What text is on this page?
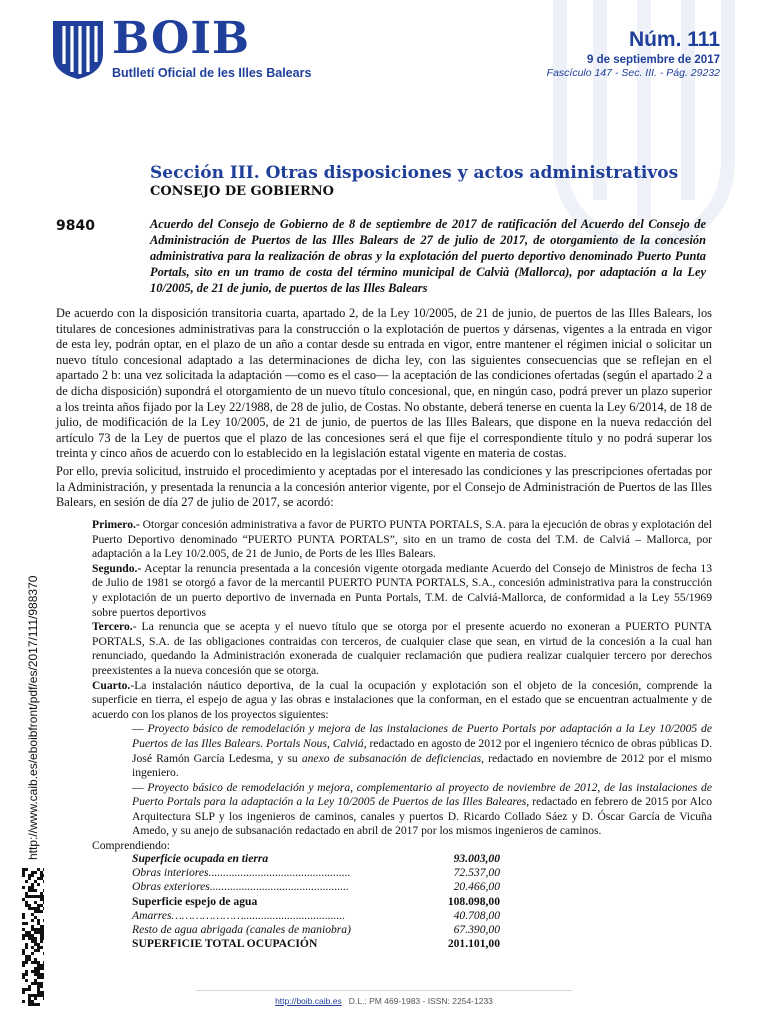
BOIB
Butlletí Oficial de les Illes Balears
Núm. 111
9 de septiembre de 2017
Fascículo 147 - Sec. III. - Pág. 29232
Sección III. Otras disposiciones y actos administrativos
CONSEJO DE GOBIERNO
9840	Acuerdo del Consejo de Gobierno de 8 de septiembre de 2017 de ratificación del Acuerdo del Consejo de Administración de Puertos de las Illes Balears de 27 de julio de 2017, de otorgamiento de la concesión administrativa para la realización de obras y la explotación del puerto deportivo denominado Puerto Punta Portals, sito en un tramo de costa del término municipal de Calvià (Mallorca), por adaptación a la Ley 10/2005, de 21 de junio, de puertos de las Illes Balears

De acuerdo con la disposición transitoria cuarta, apartado 2, de la Ley 10/2005, de 21 de junio, de puertos de las Illes Balears, los titulares de concesiones administrativas para la construcción o la explotación de puertos y dársenas, vigentes a la entrada en vigor de esta ley, podrán optar, en el plazo de un año a contar desde su entrada en vigor, entre mantener el régimen inicial o solicitar un nuevo título concesional adaptado a las determinaciones de dicha ley, con las siguientes consecuencias que se reflejan en el apartado 2 b: una vez solicitada la adaptación —como es el caso— la aceptación de las condiciones ofertadas (según el apartado 2 a de dicha disposición) supondrá el otorgamiento de un nuevo título concesional, que, en ningún caso, podrá prever un plazo superior a los treinta años fijado por la Ley 22/1988, de 28 de julio, de Costas. No obstante, deberá tenerse en cuenta la Ley 6/2014, de 18 de julio, de modificación de la Ley 10/2005, de 21 de junio, de puertos de las Illes Balears, que dispone en la nueva redacción del artículo 73 de la Ley de puertos que el plazo de las concesiones será el que fije el correspondiente título y no podrá superar los treinta y cinco años de acuerdo con lo establecido en la legislación estatal vigente en materia de costas.

Por ello, previa solicitud, instruido el procedimiento y aceptadas por el interesado las condiciones y las prescripciones ofertadas por la Administración, y presentada la renuncia a la concesión anterior vigente, por el Consejo de Administración de Puertos de las Illes Balears, en sesión de día 27 de julio de 2017, se acordó:

Primero.- Otorgar concesión administrativa a favor de PURTO PUNTA PORTALS, S.A. para la ejecución de obras y explotación del Puerto Deportivo denominado “PUERTO PUNTA PORTALS”, sito en un tramo de costa del T.M. de Calviá – Mallorca, por adaptación a la Ley 10/2.005, de 21 de Junio, de Ports de les Illes Balears.

Segundo.- Aceptar la renuncia presentada a la concesión vigente otorgada mediante Acuerdo del Consejo de Ministros de fecha 13 de Julio de 1981 se otorgó a favor de la mercantil PUERTO PUNTA PORTALS, S.A., concesión administrativa para la construcción y explotación de un puerto deportivo de invernada en Punta Portals, T.M. de Calviá-Mallorca, de conformidad a la Ley 55/1969 sobre puertos deportivos

Tercero.- La renuncia que se acepta y el nuevo título que se otorga por el presente acuerdo no exoneran a PUERTO PUNTA PORTALS, S.A. de las obligaciones contraidas con terceros, de cualquier clase que sean, en virtud de la concesión a la cual han renunciado, quedando la Administración exonerada de cualquier reclamación que pudiera realizar cualquier tercero por derechos preexistentes a la nueva concesión que se otorga.

Cuarto.-La instalación náutico deportiva, de la cual la ocupación y explotación son el objeto de la concesión, comprende la superficie en tierra, el espejo de agua y las obras e instalaciones que la conforman, en el estado que se encuentran actualmente y de acuerdo con los planos de los proyectos siguientes:

— Proyecto básico de remodelación y mejora de las instalaciones de Puerto Portals por adaptación a la Ley 10/2005 de Puertos de las Illes Balears. Portals Nous, Calviá, redactado en agosto de 2012 por el ingeniero técnico de obras públicas D. José Ramón García Ledesma, y su anexo de subsanación de deficiencias, redactado en noviembre de 2012 por el mismo ingeniero.

— Proyecto básico de remodelación y mejora, complementario al proyecto de noviembre de 2012, de las instalaciones de Puerto Portals para la adaptación a la Ley 10/2005 de Puertos de las Illes Baleares, redactado en febrero de 2015 por Alco Arquitectura SLP y los ingenieros de caminos, canales y puertos D. Ricardo Collado Sáez y D. Óscar García de Vicuña Amedo, y su anejo de subsanación redactado en abril de 2017 por los mismos ingenieros de caminos.

Comprendiendo:

Superficie ocupada en tierra	93.003,00
Obras interiores.................................................	72.537,00
Obras exteriores................................................	20.466,00
Superficie espejo de agua	108.098,00
Amarres…………………...................................	40.708,00
Resto de agua abrigada (canales de maniobra)	67.390,00
SUPERFICIE TOTAL OCUPACIÓN	201.101,00
http://www.caib.es/eboibfront/pdf/es/2017/111/988370
http://boib.caib.es D.L.: PM 469-1983 - ISSN: 2254-1233
